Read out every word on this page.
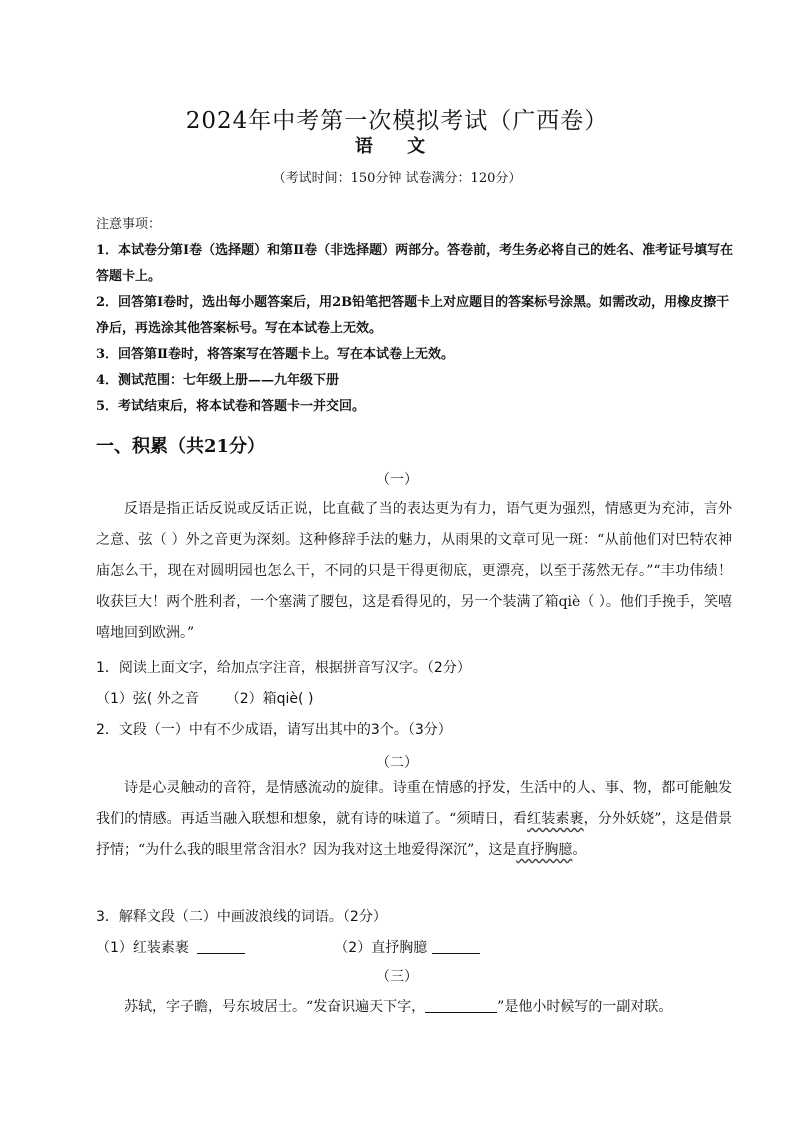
2024年中考第一次模拟考试（广西卷）
语 文
（考试时间：150分钟 试卷满分：120分）

注意事项：

1．本试卷分第Ⅰ卷（选择题）和第Ⅱ卷（非选择题）两部分。答卷前，考生务必将自己的姓名、准考证号填写在答题卡上。

2．回答第Ⅰ卷时，选出每小题答案后，用2B铅笔把答题卡上对应题目的答案标号涂黑。如需改动，用橡皮擦干净后，再选涂其他答案标号。写在本试卷上无效。

3．回答第Ⅱ卷时，将答案写在答题卡上。写在本试卷上无效。

4．测试范围：七年级上册——九年级下册

5．考试结束后，将本试卷和答题卡一并交回。

一、积累（共21分）
（一）

反语是指正话反说或反话正说，比直截了当的表达更为有力，语气更为强烈，情感更为充沛，言外之意、弦（ ）外之音更为深刻。这种修辞手法的魅力，从雨果的文章可见一斑：“从前他们对巴特农神庙怎么干，现在对圆明园也怎么干，不同的只是干得更彻底，更漂亮，以至于荡然无存。”“丰功伟绩！收获巨大！两个胜利者，一个塞满了腰包，这是看得见的，另一个装满了箱qiè（ ）。他们手挽手，笑嘻嘻地回到欧洲。”

1．阅读上面文字，给加点字注音，根据拼音写汉字。（2分）
（1）弦( 外之音 （2）箱qiè( )
2．文段（一）中有不少成语，请写出其中的3个。（3分）
（二）

诗是心灵触动的音符，是情感流动的旋律。诗重在情感的抒发，生活中的人、事、物，都可能触发我们的情感。再适当融入联想和想象，就有诗的味道了。“须晴日，看红装素裹，分外妖娆”，这是借景抒情；“为什么我的眼里常含泪水？因为我对这土地爱得深沉”，这是直抒胸臆。

3．解释文段（二）中画波浪线的词语。（2分）
（1）红装素裹	（2）直抒胸臆
（三）

苏轼，字子瞻，号东坡居士。“发奋识遍天下字，	”是他小时候写的一副对联。
